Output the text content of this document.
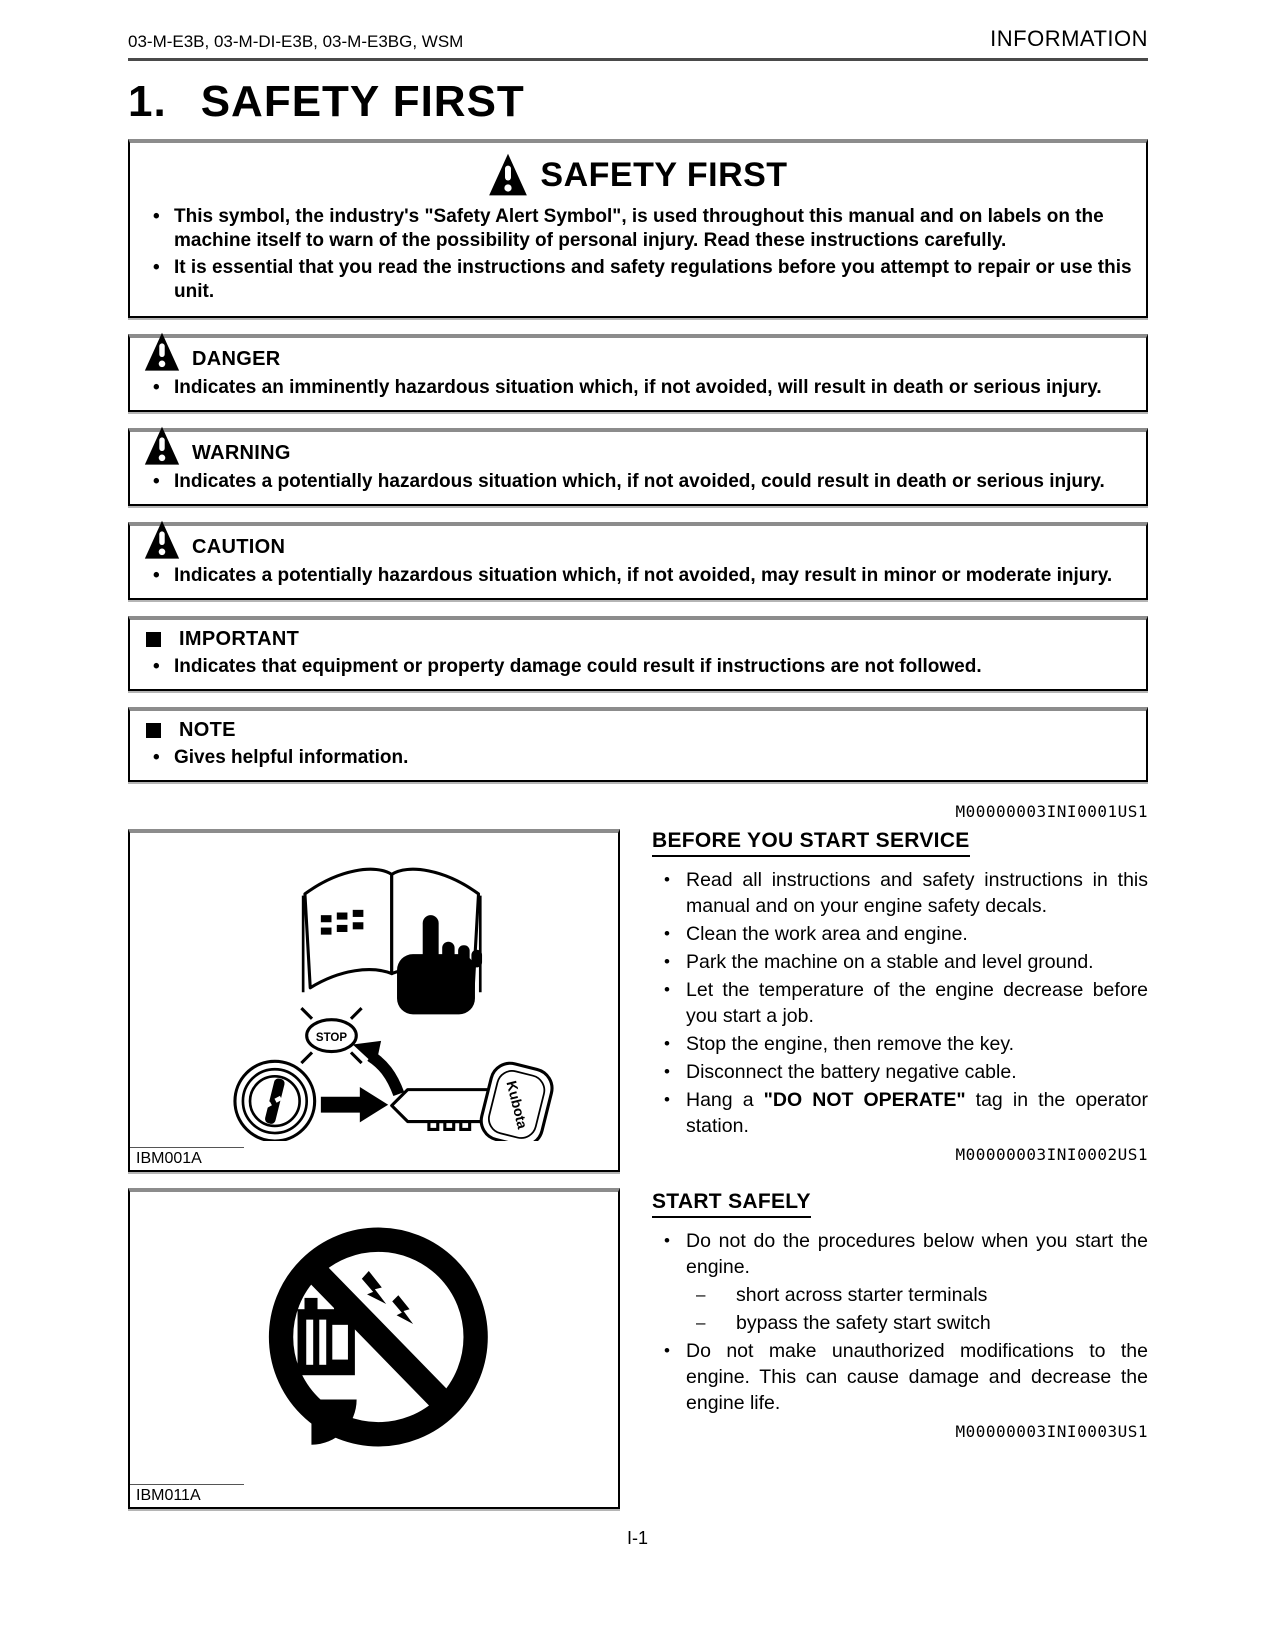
03-M-E3B, 03-M-DI-E3B, 03-M-E3BG, WSM	INFORMATION
1. SAFETY FIRST
SAFETY FIRST
• This symbol, the industry's "Safety Alert Symbol", is used throughout this manual and on labels on the machine itself to warn of the possibility of personal injury. Read these instructions carefully.
• It is essential that you read the instructions and safety regulations before you attempt to repair or use this unit.
DANGER
• Indicates an imminently hazardous situation which, if not avoided, will result in death or serious injury.
WARNING
• Indicates a potentially hazardous situation which, if not avoided, could result in death or serious injury.
CAUTION
• Indicates a potentially hazardous situation which, if not avoided, may result in minor or moderate injury.
IMPORTANT
• Indicates that equipment or property damage could result if instructions are not followed.
NOTE
• Gives helpful information.
M00000003INI0001US1
STOP
Kubota
IBM001A
IBM011A
BEFORE YOU START SERVICE
• Read all instructions and safety instructions in this manual and on your engine safety decals.
• Clean the work area and engine.
• Park the machine on a stable and level ground.
• Let the temperature of the engine decrease before you start a job.
• Stop the engine, then remove the key.
• Disconnect the battery negative cable.
• Hang a "DO NOT OPERATE" tag in the operator station.
M00000003INI0002US1
START SAFELY
• Do not do the procedures below when you start the engine.
– short across starter terminals
– bypass the safety start switch
• Do not make unauthorized modifications to the engine. This can cause damage and decrease the engine life.
M00000003INI0003US1
I-1
